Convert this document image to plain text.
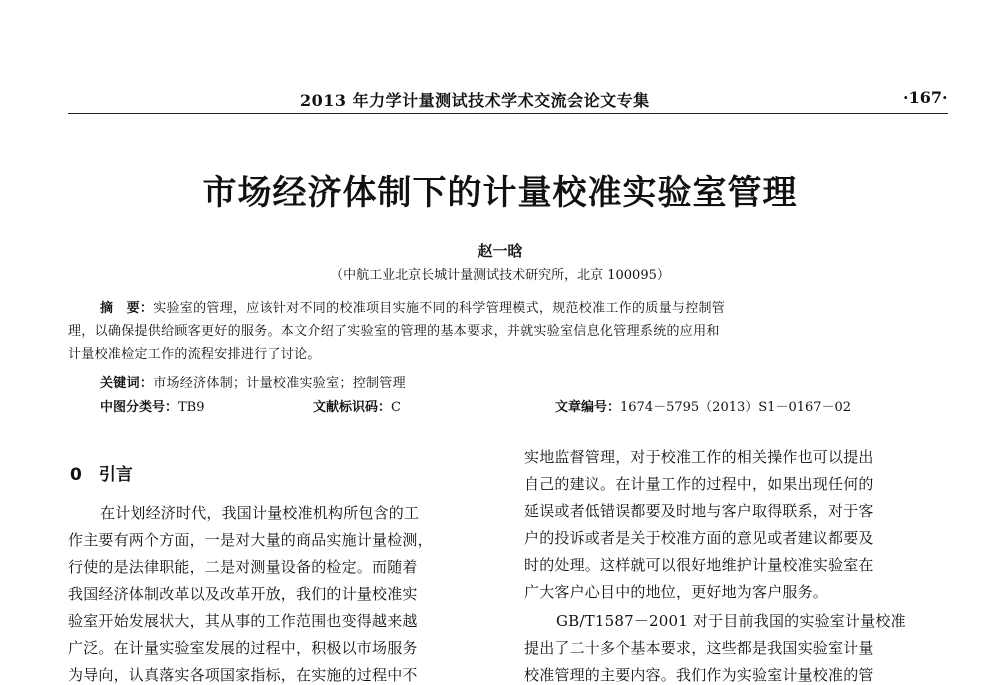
2013 年力学计量测试技术学术交流会论文专集	·167·
市场经济体制下的计量校准实验室管理
赵一晗
（中航工业北京长城计量测试技术研究所，北京 100095）
摘　要：实验室的管理，应该针对不同的校准项目实施不同的科学管理模式，规范校准工作的质量与控制管
理，以确保提供给顾客更好的服务。本文介绍了实验室的管理的基本要求，并就实验室信息化管理系统的应用和
计量校准检定工作的流程安排进行了讨论。
关键词：市场经济体制；计量校准实验室；控制管理
中图分类号：TB9	文献标识码：C	文章编号：1674－5795（2013）S1－0167－02
0　引言
在计划经济时代，我国计量校准机构所包含的工
作主要有两个方面，一是对大量的商品实施计量检测，
行使的是法律职能，二是对测量设备的检定。而随着
我国经济体制改革以及改革开放，我们的计量校准实
验室开始发展状大，其从事的工作范围也变得越来越
广泛。在计量实验室发展的过程中，积极以市场服务
为导向，认真落实各项国家指标，在实施的过程中不
实地监督管理，对于校准工作的相关操作也可以提出
自己的建议。在计量工作的过程中，如果出现任何的
延误或者低错误都要及时地与客户取得联系，对于客
户的投诉或者是关于校准方面的意见或者建议都要及
时的处理。这样就可以很好地维护计量校准实验室在
广大客户心目中的地位，更好地为客户服务。
GB/T1587－2001 对于目前我国的实验室计量校准
提出了二十多个基本要求，这些都是我国实验室计量
校准管理的主要内容。我们作为实验室计量校准的管
